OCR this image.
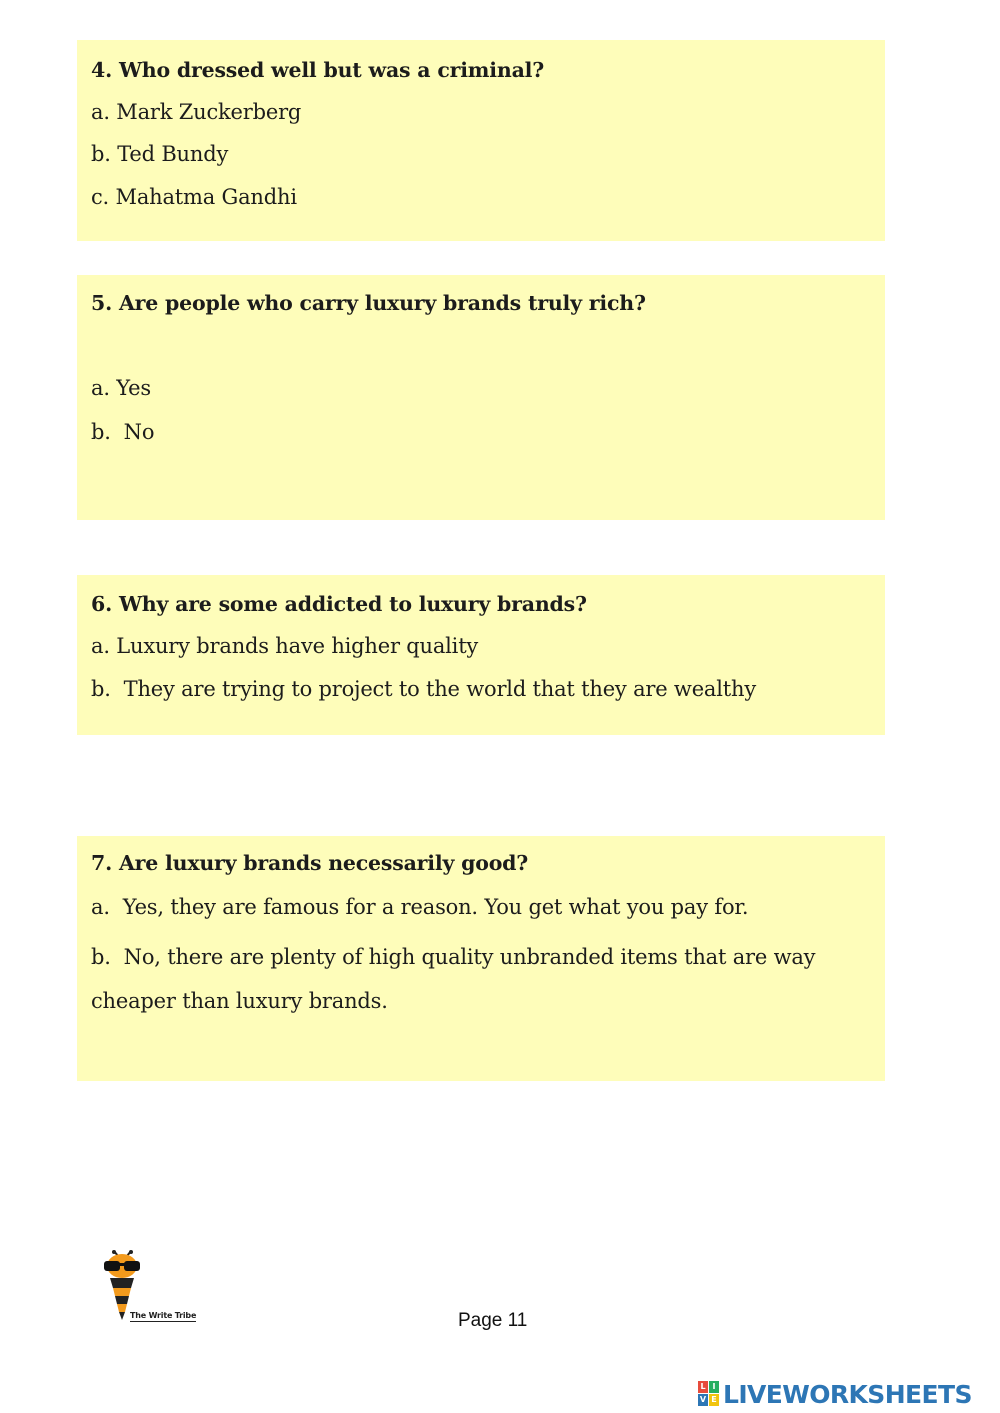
4. Who dressed well but was a criminal?
a. Mark Zuckerberg
b. Ted Bundy
c. Mahatma Gandhi
5. Are people who carry luxury brands truly rich?
a. Yes
b.  No
6. Why are some addicted to luxury brands?
a. Luxury brands have higher quality
b.  They are trying to project to the world that they are wealthy
7. Are luxury brands necessarily good?
a.  Yes, they are famous for a reason. You get what you pay for.
b.  No, there are plenty of high quality unbranded items that are way cheaper than luxury brands.
The Write Tribe	Page 11
L I
V E LIVEWORKSHEETS
